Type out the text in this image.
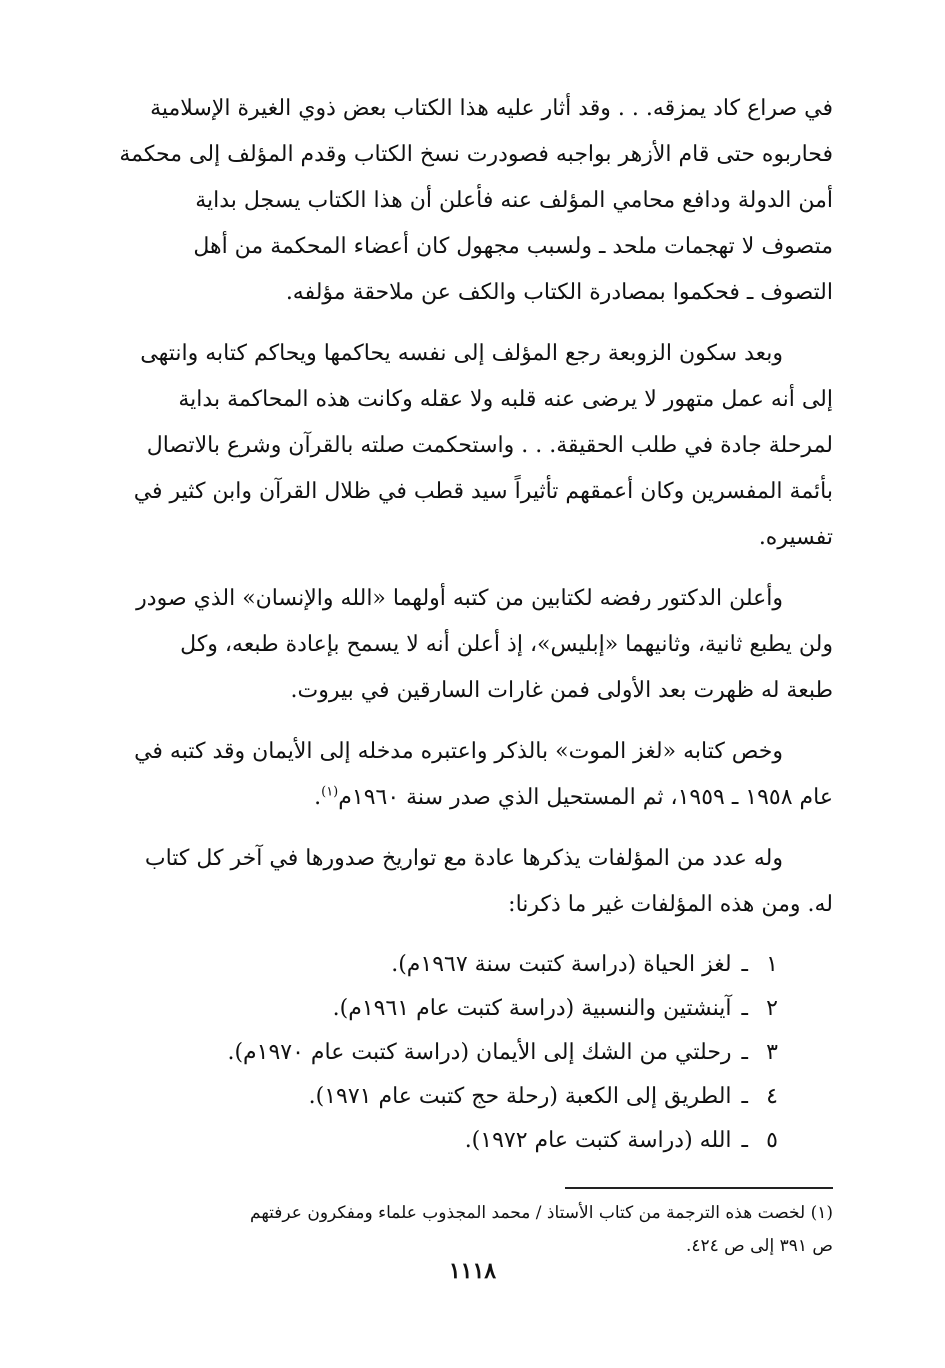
في صراع كاد يمزقه. . . وقد أثار عليه هذا الكتاب بعض ذوي الغيرة الإسلامية

فحاربوه حتى قام الأزهر بواجبه فصودرت نسخ الكتاب وقدم المؤلف إلى محكمة

أمن الدولة ودافع محامي المؤلف عنه فأعلن أن هذا الكتاب يسجل بداية

متصوف لا تهجمات ملحد ـ ولسبب مجهول كان أعضاء المحكمة من أهل

التصوف ـ فحكموا بمصادرة الكتاب والكف عن ملاحقة مؤلفه.

وبعد سكون الزوبعة رجع المؤلف إلى نفسه يحاكمها ويحاكم كتابه وانتهى

إلى أنه عمل متهور لا يرضى عنه قلبه ولا عقله وكانت هذه المحاكمة بداية

لمرحلة جادة في طلب الحقيقة. . . واستحكمت صلته بالقرآن وشرع بالاتصال

بأئمة المفسرين وكان أعمقهم تأثيراً سيد قطب في ظلال القرآن وابن كثير في

تفسيره.

وأعلن الدكتور رفضه لكتابين من كتبه أولهما «الله والإنسان» الذي صودر

ولن يطبع ثانية، وثانيهما «إبليس»، إذ أعلن أنه لا يسمح بإعادة طبعه، وكل

طبعة له ظهرت بعد الأولى فمن غارات السارقين في بيروت.

وخص كتابه «لغز الموت» بالذكر واعتبره مدخله إلى الأيمان وقد كتبه في

عام ١٩٥٨ ـ ١٩٥٩، ثم المستحيل الذي صدر سنة ١٩٦٠م$^{(١)}$.

وله عدد من المؤلفات يذكرها عادة مع تواريخ صدورها في آخر كل كتاب

له. ومن هذه المؤلفات غير ما ذكرنا:

١ـلغز الحياة (دراسة كتبت سنة ١٩٦٧م).
٢ـآينشتين والنسبية (دراسة كتبت عام ١٩٦١م).
٣ـرحلتي من الشك إلى الأيمان (دراسة كتبت عام ١٩٧٠م).
٤ـالطريق إلى الكعبة (رحلة حج كتبت عام ١٩٧١).
٥ـالله (دراسة كتبت عام ١٩٧٢).

(١) لخصت هذه الترجمة من كتاب الأستاذ / محمد المجذوب علماء ومفكرون عرفتهم

ص ٣٩١ إلى ص ٤٢٤.

١١١٨
